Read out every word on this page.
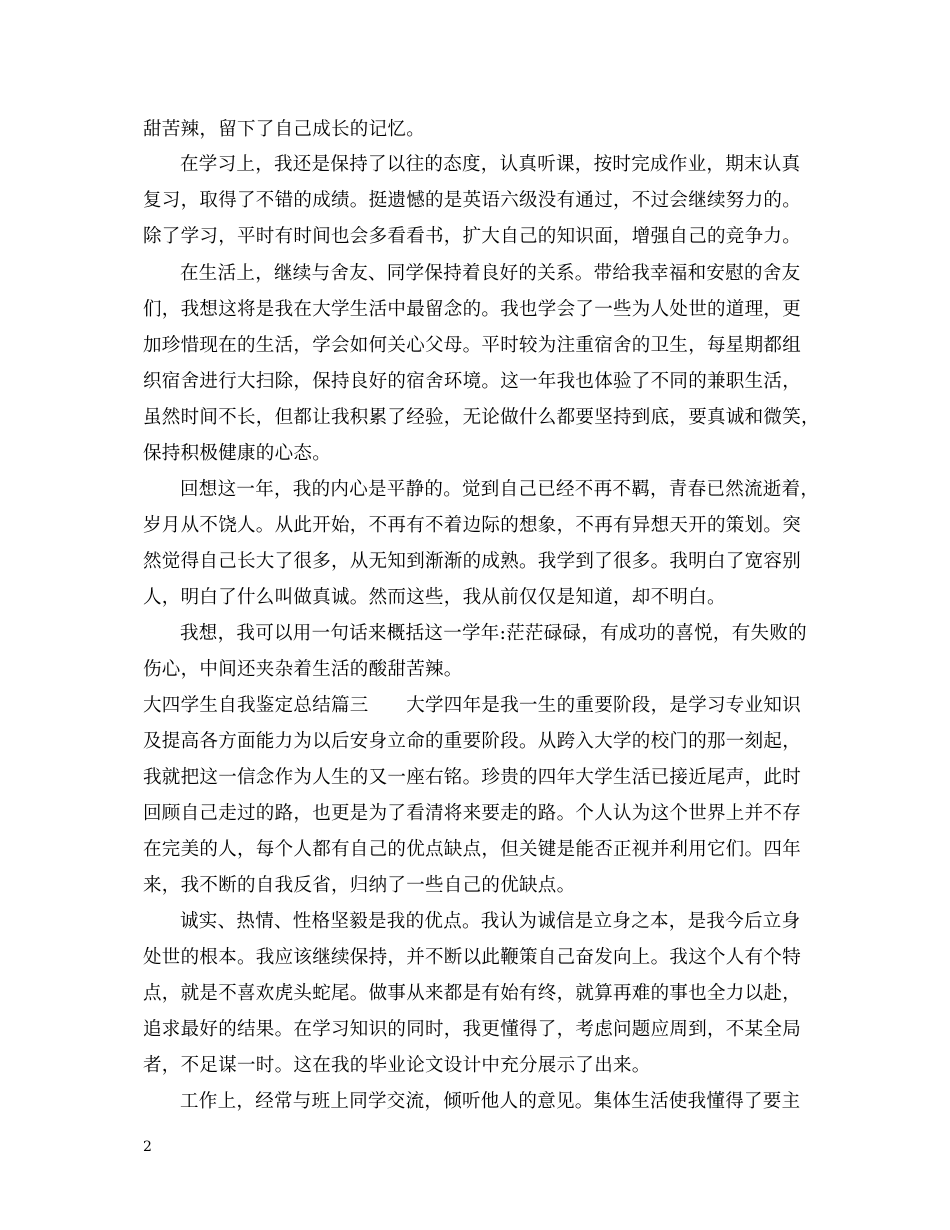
甜苦辣，留下了自己成长的记忆。
在学习上，我还是保持了以往的态度，认真听课，按时完成作业，期末认真
复习，取得了不错的成绩。挺遗憾的是英语六级没有通过，不过会继续努力的。
除了学习，平时有时间也会多看看书，扩大自己的知识面，增强自己的竞争力。
在生活上，继续与舍友、同学保持着良好的关系。带给我幸福和安慰的舍友
们，我想这将是我在大学生活中最留念的。我也学会了一些为人处世的道理，更
加珍惜现在的生活，学会如何关心父母。平时较为注重宿舍的卫生，每星期都组
织宿舍进行大扫除，保持良好的宿舍环境。这一年我也体验了不同的兼职生活，
虽然时间不长，但都让我积累了经验，无论做什么都要坚持到底，要真诚和微笑，
保持积极健康的心态。
回想这一年，我的内心是平静的。觉到自己已经不再不羁，青春已然流逝着，
岁月从不饶人。从此开始，不再有不着边际的想象，不再有异想天开的策划。突
然觉得自己长大了很多，从无知到渐渐的成熟。我学到了很多。我明白了宽容别
人，明白了什么叫做真诚。然而这些，我从前仅仅是知道，却不明白。
我想，我可以用一句话来概括这一学年:茫茫碌碌，有成功的喜悦，有失败的
伤心，中间还夹杂着生活的酸甜苦辣。
大四学生自我鉴定总结篇三　　大学四年是我一生的重要阶段，是学习专业知识
及提高各方面能力为以后安身立命的重要阶段。从跨入大学的校门的那一刻起，
我就把这一信念作为人生的又一座右铭。珍贵的四年大学生活已接近尾声，此时
回顾自己走过的路，也更是为了看清将来要走的路。个人认为这个世界上并不存
在完美的人，每个人都有自己的优点缺点，但关键是能否正视并利用它们。四年
来，我不断的自我反省，归纳了一些自己的优缺点。
诚实、热情、性格坚毅是我的优点。我认为诚信是立身之本，是我今后立身
处世的根本。我应该继续保持，并不断以此鞭策自己奋发向上。我这个人有个特
点，就是不喜欢虎头蛇尾。做事从来都是有始有终，就算再难的事也全力以赴，
追求最好的结果。在学习知识的同时，我更懂得了，考虑问题应周到，不某全局
者，不足谋一时。这在我的毕业论文设计中充分展示了出来。
工作上，经常与班上同学交流，倾听他人的意见。集体生活使我懂得了要主
2
